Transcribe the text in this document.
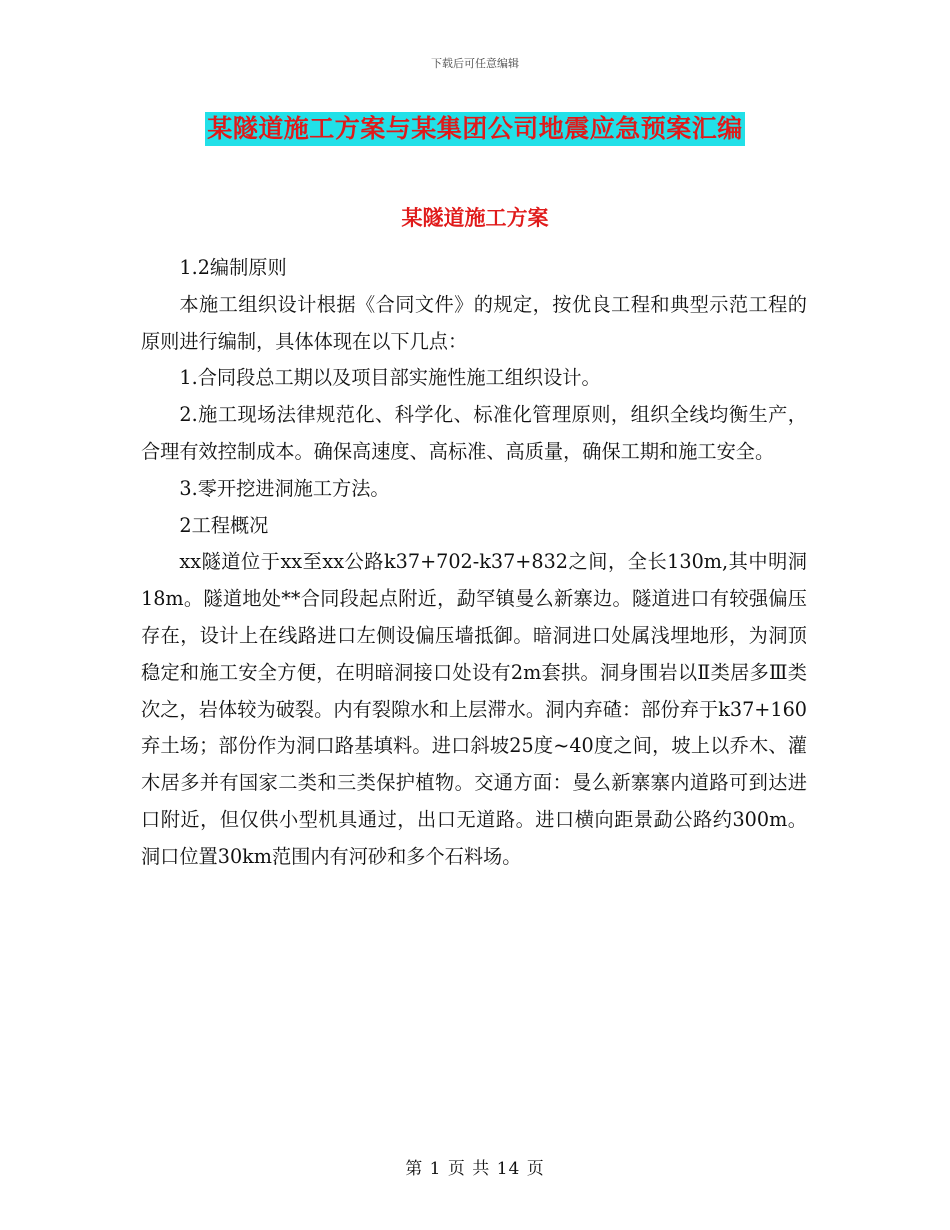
下载后可任意编辑
某隧道施工方案与某集团公司地震应急预案汇编
某隧道施工方案

1.2编制原则

本施工组织设计根据《合同文件》的规定，按优良工程和典型示范工程的原则进行编制，具体体现在以下几点：

1.合同段总工期以及项目部实施性施工组织设计。

2.施工现场法律规范化、科学化、标准化管理原则，组织全线均衡生产，合理有效控制成本。确保高速度、高标准、高质量，确保工期和施工安全。

3.零开挖进洞施工方法。

2工程概况

xx隧道位于xx至xx公路k37+702-k37+832之间，全长130m,其中明洞18m。隧道地处**合同段起点附近，勐罕镇曼么新寨边。隧道进口有较强偏压存在，设计上在线路进口左侧设偏压墙抵御。暗洞进口处属浅埋地形，为洞顶稳定和施工安全方便，在明暗洞接口处设有2m套拱。洞身围岩以Ⅱ类居多Ⅲ类次之，岩体较为破裂。内有裂隙水和上层滞水。洞内弃碴：部份弃于k37+160弃土场；部份作为洞口路基填料。进口斜坡25度~40度之间，坡上以乔木、灌木居多并有国家二类和三类保护植物。交通方面：曼么新寨寨内道路可到达进口附近，但仅供小型机具通过，出口无道路。进口横向距景勐公路约300m。洞口位置30km范围内有河砂和多个石料场。

第 1 页 共 14 页
